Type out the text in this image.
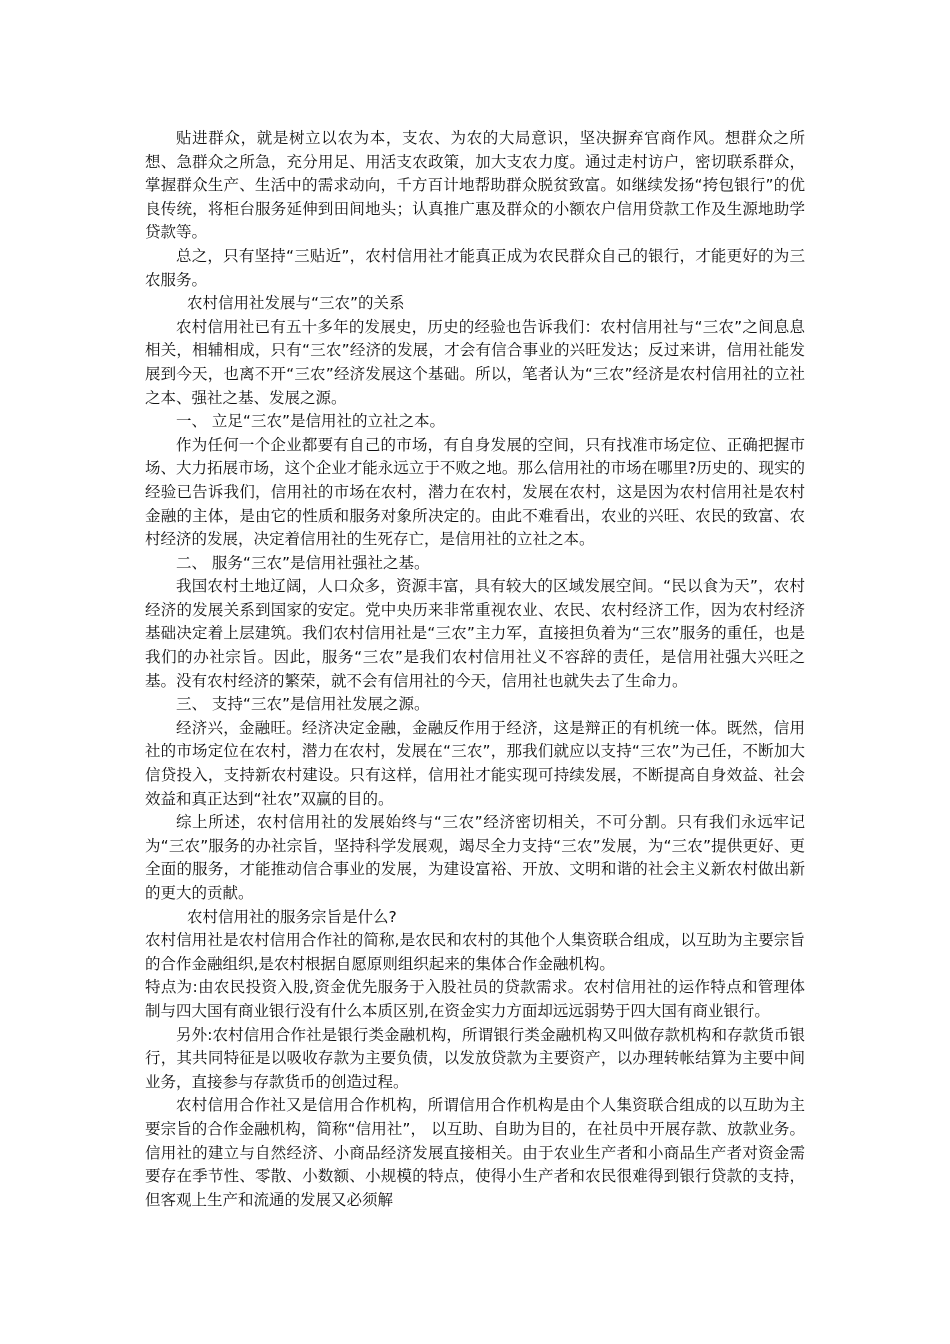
贴进群众，就是树立以农为本，支农、为农的大局意识，坚决摒弃官商作风。想群众之所想、急群众之所急，充分用足、用活支农政策，加大支农力度。通过走村访户，密切联系群众，掌握群众生产、生活中的需求动向，千方百计地帮助群众脱贫致富。如继续发扬“挎包银行”的优良传统，将柜台服务延伸到田间地头；认真推广惠及群众的小额农户信用贷款工作及生源地助学贷款等。

总之，只有坚持“三贴近”，农村信用社才能真正成为农民群众自己的银行，才能更好的为三农服务。

农村信用社发展与“三农”的关系

农村信用社已有五十多年的发展史，历史的经验也告诉我们：农村信用社与“三农”之间息息相关，相辅相成，只有“三农”经济的发展，才会有信合事业的兴旺发达；反过来讲，信用社能发展到今天，也离不开“三农”经济发展这个基础。所以，笔者认为“三农”经济是农村信用社的立社之本、强社之基、发展之源。

一、 立足“三农”是信用社的立社之本。

作为任何一个企业都要有自己的市场，有自身发展的空间，只有找准市场定位、正确把握市场、大力拓展市场，这个企业才能永远立于不败之地。那么信用社的市场在哪里?历史的、现实的经验已告诉我们，信用社的市场在农村，潜力在农村，发展在农村，这是因为农村信用社是农村金融的主体，是由它的性质和服务对象所决定的。由此不难看出，农业的兴旺、农民的致富、农村经济的发展，决定着信用社的生死存亡，是信用社的立社之本。

二、 服务“三农”是信用社强社之基。

我国农村土地辽阔，人口众多，资源丰富，具有较大的区域发展空间。“民以食为天”，农村经济的发展关系到国家的安定。党中央历来非常重视农业、农民、农村经济工作，因为农村经济基础决定着上层建筑。我们农村信用社是“三农”主力军，直接担负着为“三农”服务的重任，也是我们的办社宗旨。因此，服务“三农”是我们农村信用社义不容辞的责任，是信用社强大兴旺之基。没有农村经济的繁荣，就不会有信用社的今天，信用社也就失去了生命力。

三、 支持“三农”是信用社发展之源。

经济兴，金融旺。经济决定金融，金融反作用于经济，这是辩正的有机统一体。既然，信用社的市场定位在农村，潜力在农村，发展在“三农”，那我们就应以支持“三农”为己任，不断加大信贷投入，支持新农村建设。只有这样，信用社才能实现可持续发展，不断提高自身效益、社会效益和真正达到“社农”双赢的目的。

综上所述，农村信用社的发展始终与“三农”经济密切相关，不可分割。只有我们永远牢记为“三农”服务的办社宗旨，坚持科学发展观，竭尽全力支持“三农”发展，为“三农”提供更好、更全面的服务，才能推动信合事业的发展，为建设富裕、开放、文明和谐的社会主义新农村做出新的更大的贡献。

农村信用社的服务宗旨是什么?

农村信用社是农村信用合作社的简称,是农民和农村的其他个人集资联合组成，以互助为主要宗旨的合作金融组织,是农村根据自愿原则组织起来的集体合作金融机构。

特点为:由农民投资入股,资金优先服务于入股社员的贷款需求。农村信用社的运作特点和管理体制与四大国有商业银行没有什么本质区别,在资金实力方面却远远弱势于四大国有商业银行。

另外:农村信用合作社是银行类金融机构，所谓银行类金融机构又叫做存款机构和存款货币银行，其共同特征是以吸收存款为主要负债，以发放贷款为主要资产，以办理转帐结算为主要中间业务，直接参与存款货币的创造过程。

农村信用合作社又是信用合作机构，所谓信用合作机构是由个人集资联合组成的以互助为主要宗旨的合作金融机构，简称“信用社”， 以互助、自助为目的，在社员中开展存款、放款业务。信用社的建立与自然经济、小商品经济发展直接相关。由于农业生产者和小商品生产者对资金需要存在季节性、零散、小数额、小规模的特点，使得小生产者和农民很难得到银行贷款的支持，但客观上生产和流通的发展又必须解
